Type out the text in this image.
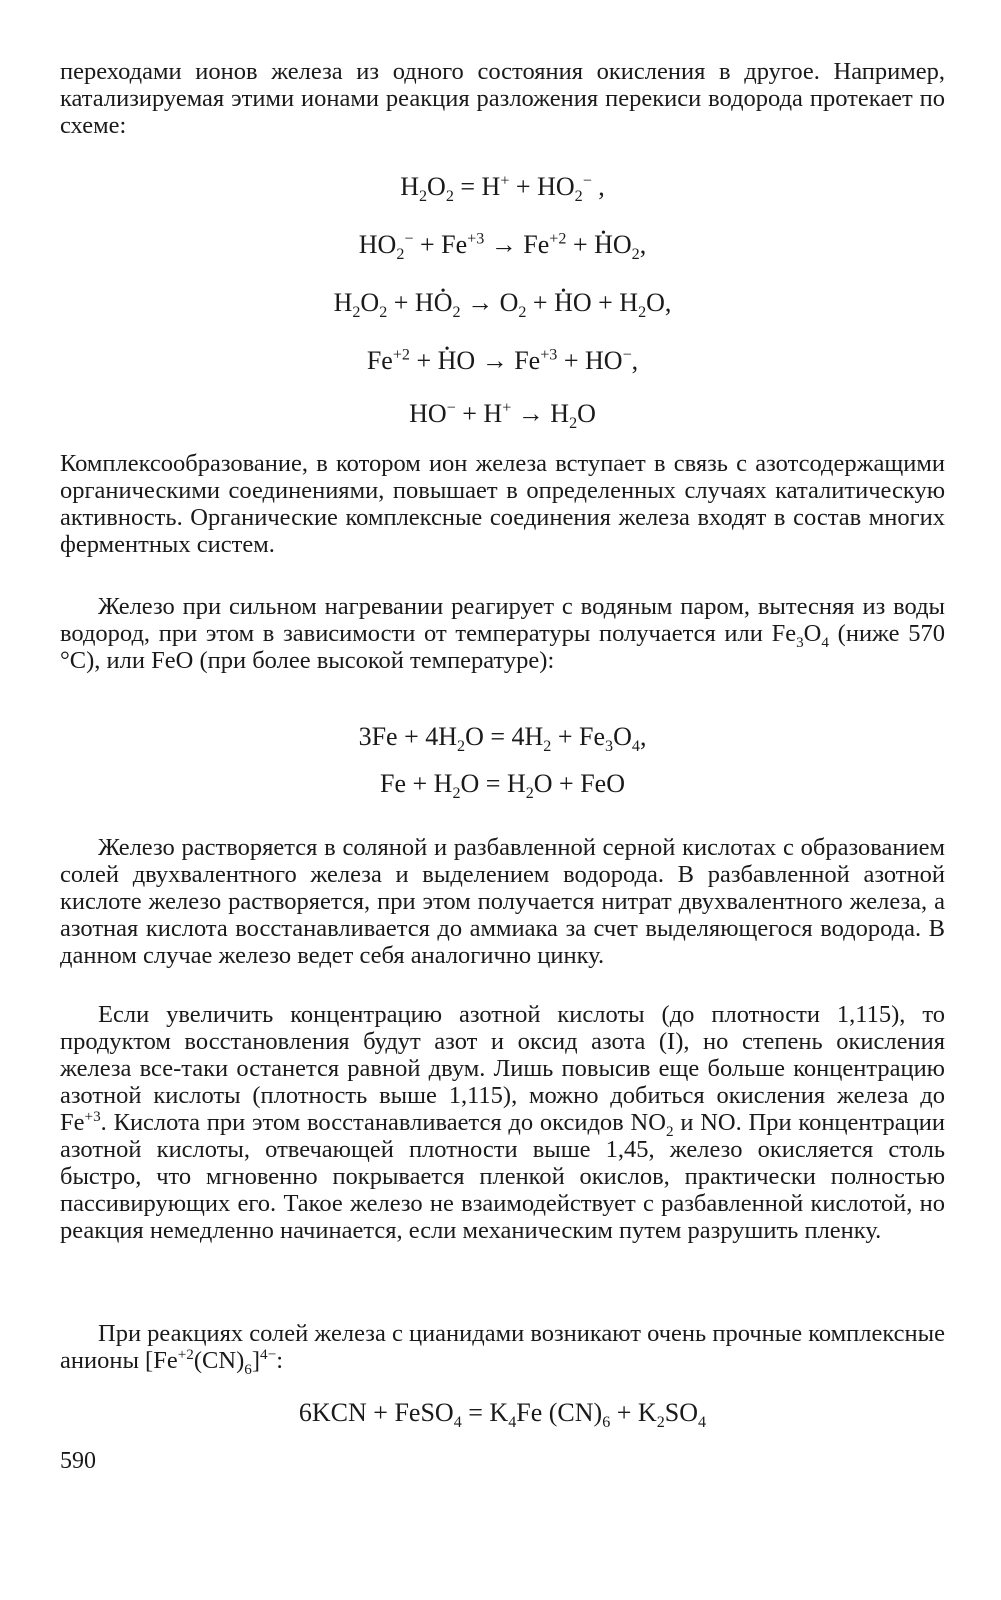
переходами ионов железа из одного состояния окисления в другое. Например, катализируемая этими ионами реакция разложения перекиси водорода протекает по схеме:

$H_2O_2 = H^+ + HO_2^-$ ,
$HO_2^- + Fe^{+3} \to Fe^{+2} + H$ $•O_2$,
$H_2O_2$ + HO $•_2 \to O_2 + H$ •O + $H_2O$,
$Fe^{+2} + H$ •O → $Fe^{+3} + HO^-$,
$HO^- + H^+ \to H_2O$

Комплексообразование, в котором ион железа вступает в связь с азотсодержащими органическими соединениями, повышает в определенных случаях каталитическую активность. Органические комплексные соединения железа входят в состав многих ферментных систем.

Железо при сильном нагревании реагирует с водяным паром, вытесняя из воды водород, при этом в зависимости от температуры получается или $Fe_3O_4$ (ниже 570 °C), или FeO (при более высокой температуре):

$3Fe + 4H_2O = 4H_2 + Fe_3O_4$,
$Fe + H_2O = H_2O$ + FeO

Железо растворяется в соляной и разбавленной серной кислотах с образованием солей двухвалентного железа и выделением водорода. В разбавленной азотной кислоте железо растворяется, при этом получается нитрат двухвалентного железа, а азотная кислота восстанавливается до аммиака за счет выделяющегося водорода. В данном случае железо ведет себя аналогично цинку.

Если увеличить концентрацию азотной кислоты (до плотности 1,115), то продуктом восстановления будут азот и оксид азота (I), но степень окисления железа все-таки останется равной двум. Лишь повысив еще больше концентрацию азотной кислоты (плотность выше 1,115), можно добиться окисления железа до $Fe^{+3}$. Кислота при этом восстанавливается до оксидов $NO_2$ и NO. При концентрации азотной кислоты, отвечающей плотности выше 1,45, железо окисляется столь быстро, что мгновенно покрывается пленкой окислов, практически полностью пассивирующих его. Такое железо не взаимодействует с разбавленной кислотой, но реакция немедленно начинается, если механическим путем разрушить пленку.

При реакциях солей железа с цианидами возникают очень прочные комплексные анионы $[Fe^{+2}(CN)_6]^{4-}$:

6KCN + FeSO$_4$ = $K_4Fe$ $(CN)_6 + K_2SO_4$
590
